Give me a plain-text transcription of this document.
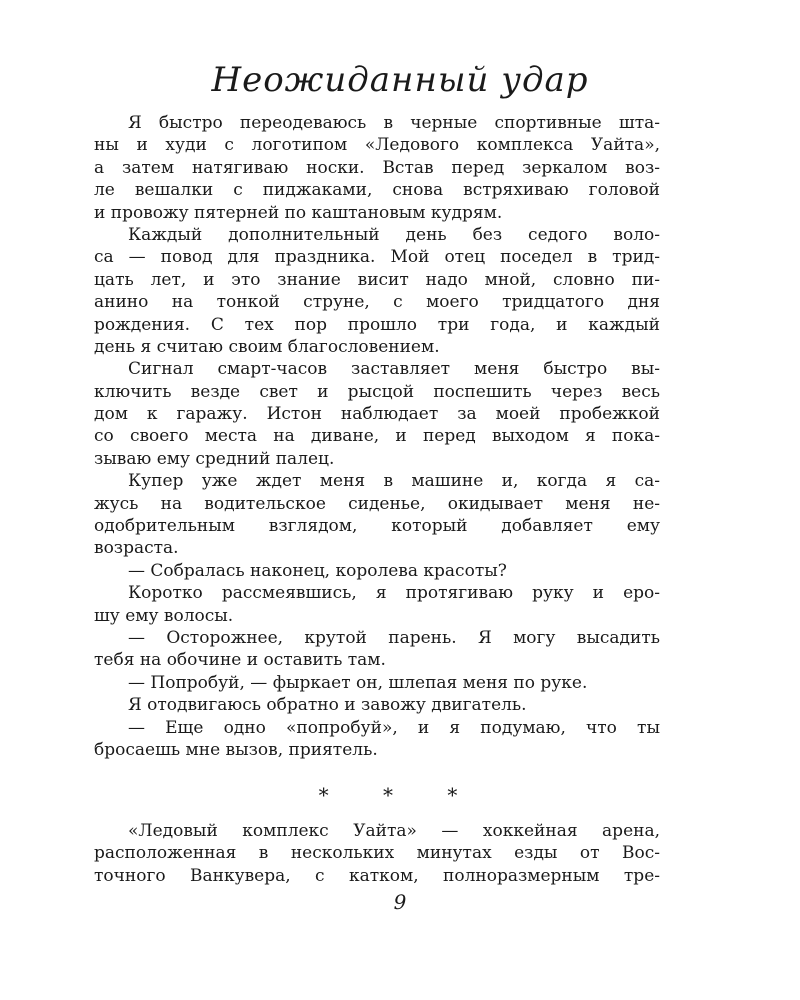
Неожиданный удар
Я быстро переодеваюсь в черные спортивные шта-
ны и худи с логотипом «Ледового комплекса Уайта»,
а затем натягиваю носки. Встав перед зеркалом воз-
ле вешалки с пиджаками, снова встряхиваю головой
и провожу пятерней по каштановым кудрям.
Каждый дополнительный день без седого воло-
са — повод для праздника. Мой отец поседел в трид-
цать лет, и это знание висит надо мной, словно пи-
анино на тонкой струне, с моего тридцатого дня
рождения. С тех пор прошло три года, и каждый
день я считаю своим благословением.
Сигнал смарт-часов заставляет меня быстро вы-
ключить везде свет и рысцой поспешить через весь
дом к гаражу. Истон наблюдает за моей пробежкой
со своего места на диване, и перед выходом я пока-
зываю ему средний палец.
Купер уже ждет меня в машине и, когда я са-
жусь на водительское сиденье, окидывает меня не-
одобрительным взглядом, который добавляет ему
возраста.
— Собралась наконец, королева красоты?
Коротко рассмеявшись, я протягиваю руку и еро-
шу ему волосы.
— Осторожнее, крутой парень. Я могу высадить
тебя на обочине и оставить там.
— Попробуй, — фыркает он, шлепая меня по руке.
Я отодвигаюсь обратно и завожу двигатель.
— Еще одно «попробуй», и я подумаю, что ты
бросаешь мне вызов, приятель.
* * *
«Ледовый комплекс Уайта» — хоккейная арена,
расположенная в нескольких минутах езды от Вос-
точного Ванкувера, с катком, полноразмерным тре-
9
